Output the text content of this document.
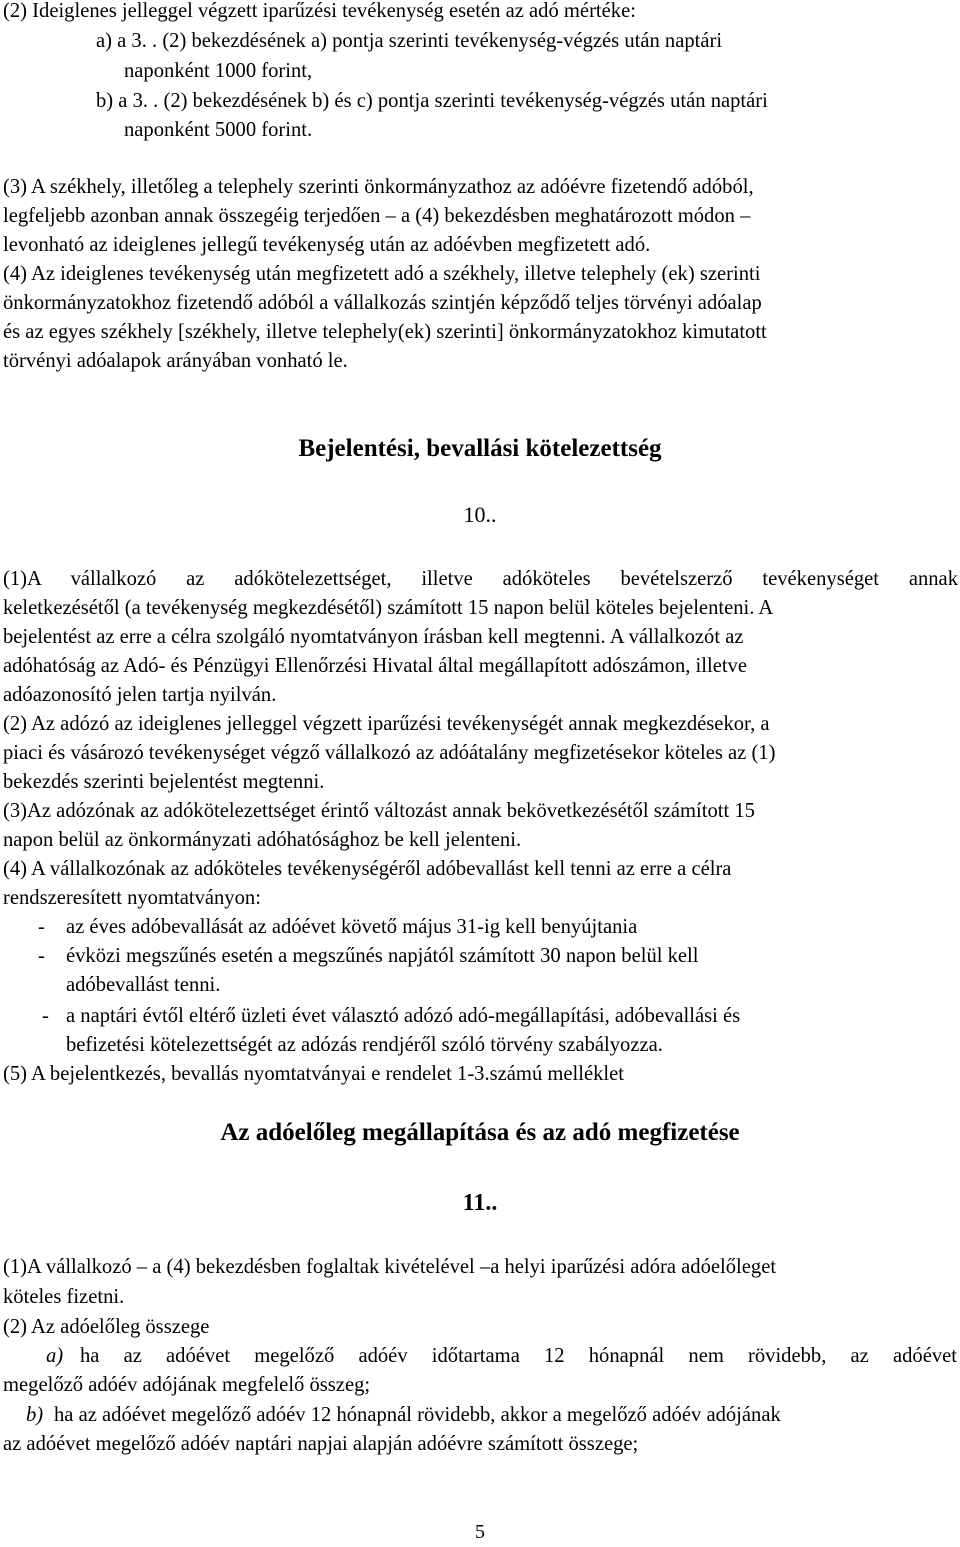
(2) Ideiglenes jelleggel végzett iparűzési tevékenység esetén az adó mértéke:

a) a 3. . (2) bekezdésének a) pontja szerinti tevékenység-végzés után naptári

naponként 1000 forint,

b) a 3. . (2) bekezdésének b) és c) pontja szerinti tevékenység-végzés után naptári

naponként 5000 forint.

(3) A székhely, illetőleg a telephely szerinti önkormányzathoz az adóévre fizetendő adóból,

legfeljebb azonban annak összegéig terjedően – a (4) bekezdésben meghatározott módon –

levonható az ideiglenes jellegű tevékenység után az adóévben megfizetett adó.

(4) Az ideiglenes tevékenység után megfizetett adó a székhely, illetve telephely (ek) szerinti

önkormányzatokhoz fizetendő adóból a vállalkozás szintjén képződő teljes törvényi adóalap

és az egyes székhely [székhely, illetve telephely(ek) szerinti] önkormányzatokhoz kimutatott

törvényi adóalapok arányában vonható le.

Bejelentési, bevallási kötelezettség

10..

(1)A vállalkozó az adókötelezettséget, illetve adóköteles bevételszerző tevékenységet annak

keletkezésétől (a tevékenység megkezdésétől) számított 15 napon belül köteles bejelenteni. A

bejelentést az erre a célra szolgáló nyomtatványon írásban kell megtenni. A vállalkozót az

adóhatóság az Adó- és Pénzügyi Ellenőrzési Hivatal által megállapított adószámon, illetve

adóazonosító jelen tartja nyilván.

(2) Az adózó az ideiglenes jelleggel végzett iparűzési tevékenységét annak megkezdésekor, a

piaci és vásározó tevékenységet végző vállalkozó az adóátalány megfizetésekor köteles az (1)

bekezdés szerinti bejelentést megtenni.

(3)Az adózónak az adókötelezettséget érintő változást annak bekövetkezésétől számított 15

napon belül az önkormányzati adóhatósághoz be kell jelenteni.

(4) A vállalkozónak az adóköteles tevékenységéről adóbevallást kell tenni az erre a célra

rendszeresített nyomtatványon:

- az éves adóbevallását az adóévet követő május 31-ig kell benyújtania

- évközi megszűnés esetén a megszűnés napjától számított 30 napon belül kell

adóbevallást tenni.

- a naptári évtől eltérő üzleti évet választó adózó adó-megállapítási, adóbevallási és

befizetési kötelezettségét az adózás rendjéről szóló törvény szabályozza.

(5) A bejelentkezés, bevallás nyomtatványai e rendelet 1-3.számú melléklet

Az adóelőleg megállapítása és az adó megfizetése

11..

(1)A vállalkozó – a (4) bekezdésben foglaltak kivételével –a helyi iparűzési adóra adóelőleget

köteles fizetni.

(2) Az adóelőleg összege

a) ha az adóévet megelőző adóév időtartama 12 hónapnál nem rövidebb, az adóévet

megelőző adóév adójának megfelelő összeg;

b) ha az adóévet megelőző adóév 12 hónapnál rövidebb, akkor a megelőző adóév adójának

az adóévet megelőző adóév naptári napjai alapján adóévre számított összege;

5
